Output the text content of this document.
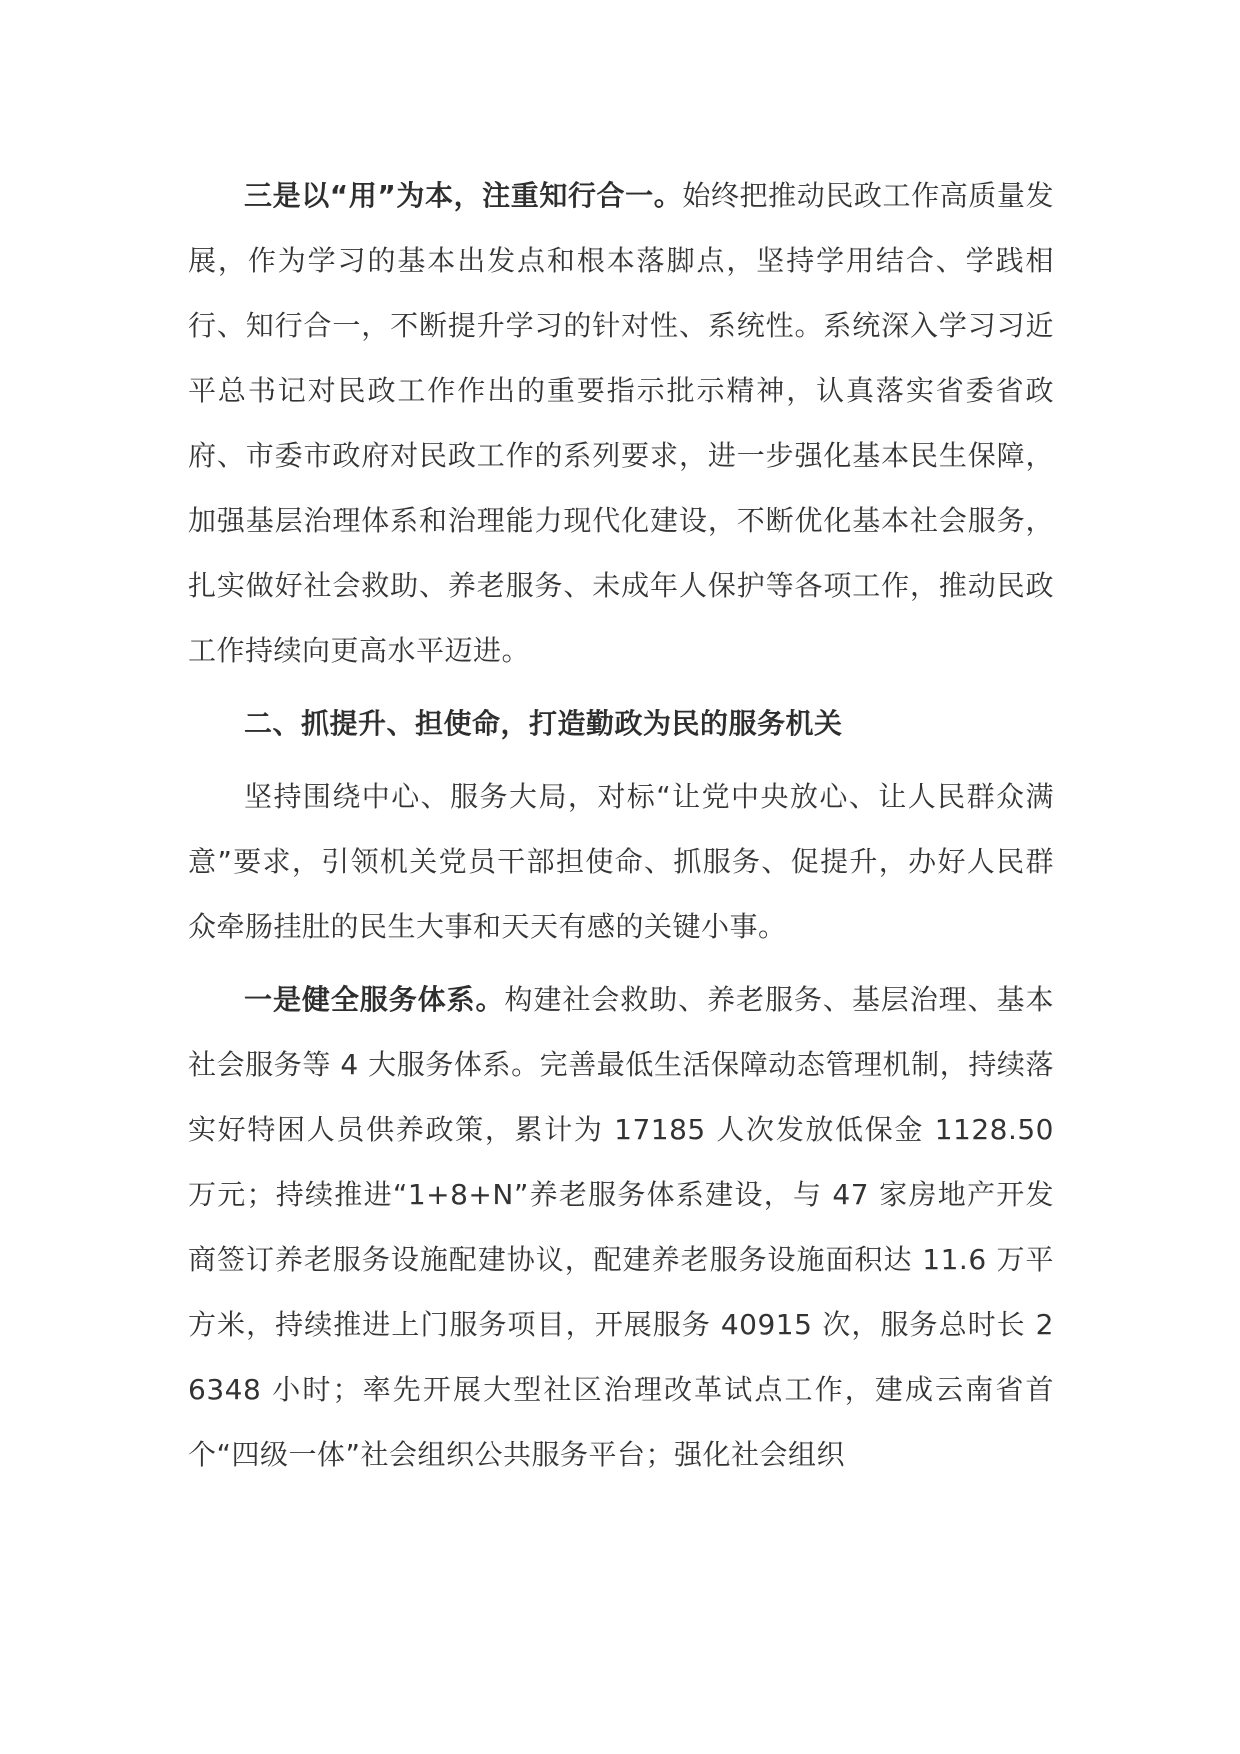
三是以“用”为本，注重知行合一。始终把推动民政工作高质量发展，作为学习的基本出发点和根本落脚点，坚持学用结合、学践相行、知行合一，不断提升学习的针对性、系统性。系统深入学习习近平总书记对民政工作作出的重要指示批示精神，认真落实省委省政府、市委市政府对民政工作的系列要求，进一步强化基本民生保障，加强基层治理体系和治理能力现代化建设，不断优化基本社会服务，扎实做好社会救助、养老服务、未成年人保护等各项工作，推动民政工作持续向更高水平迈进。

二、抓提升、担使命，打造勤政为民的服务机关

坚持围绕中心、服务大局，对标“让党中央放心、让人民群众满意”要求，引领机关党员干部担使命、抓服务、促提升，办好人民群众牵肠挂肚的民生大事和天天有感的关键小事。

一是健全服务体系。构建社会救助、养老服务、基层治理、基本社会服务等 4 大服务体系。完善最低生活保障动态管理机制，持续落实好特困人员供养政策，累计为 17185 人次发放低保金 1128.50 万元；持续推进“1+8+N”养老服务体系建设，与 47 家房地产开发商签订养老服务设施配建协议，配建养老服务设施面积达 11.6 万平方米，持续推进上门服务项目，开展服务 40915 次，服务总时长 26348 小时；率先开展大型社区治理改革试点工作，建成云南省首个“四级一体”社会组织公共服务平台；强化社会组织
